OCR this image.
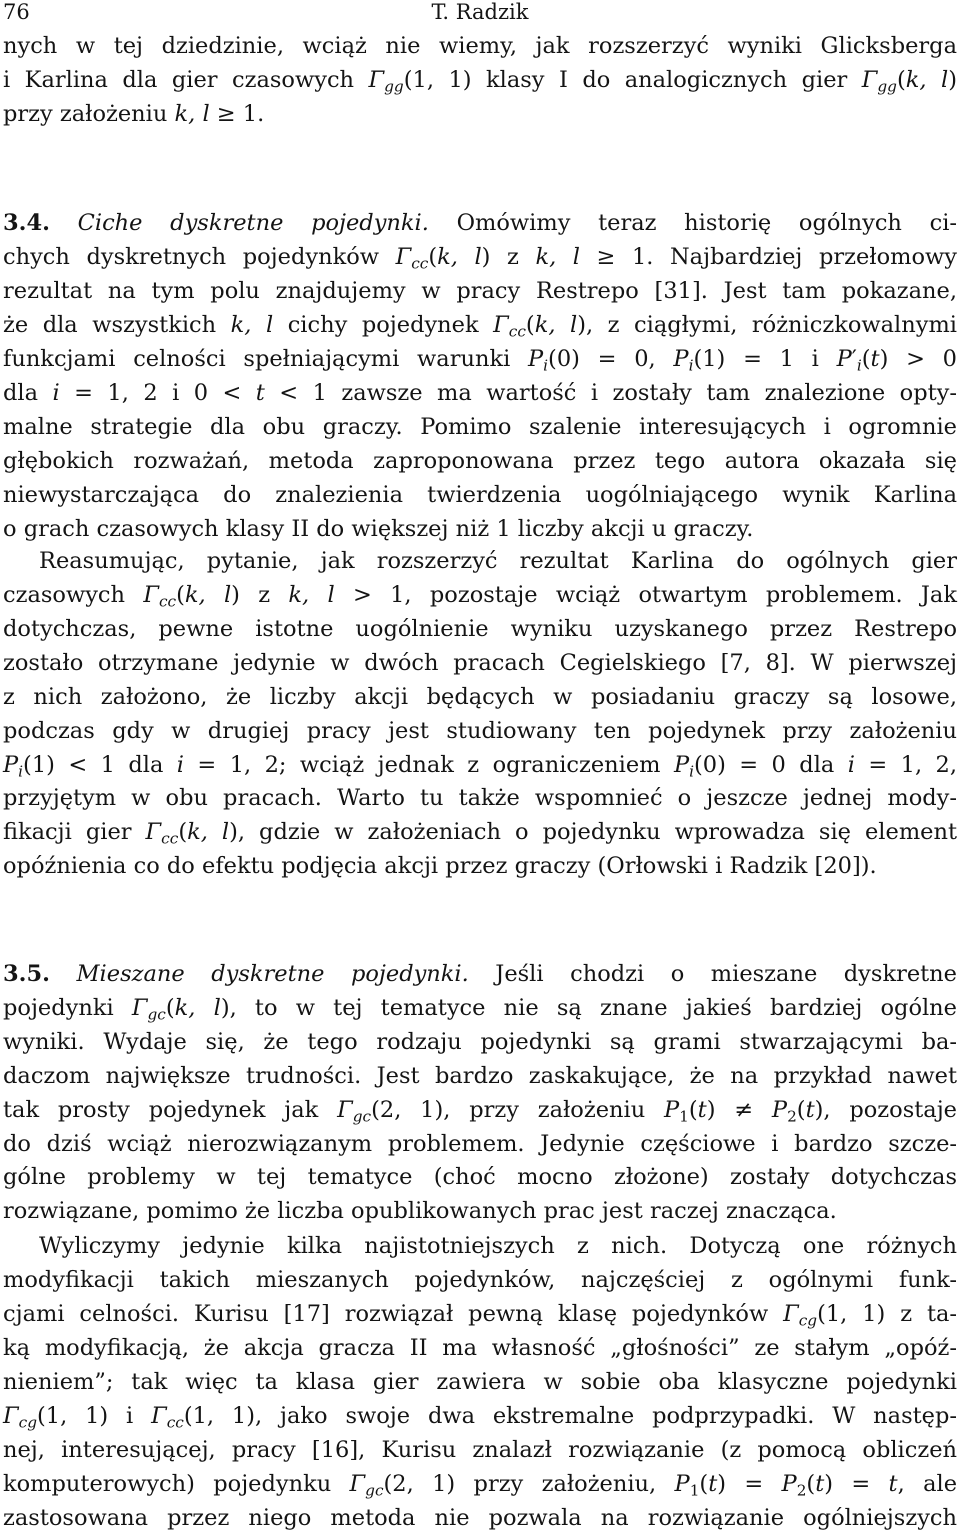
76	T. Radzik
nych w tej dziedzinie, wciąż nie wiemy, jak rozszerzyć wyniki Glicksberga
i Karlina dla gier czasowych $\Gamma_{gg}(1$, 1) klasy I do analogicznych gier $\Gamma_{gg}(k$, l)
przy założeniu k, l ≥ 1.
3.4. Ciche dyskretne pojedynki. Omówimy teraz historię ogólnych ci-
chych dyskretnych pojedynków $\Gamma_{cc}(k$, l) z k, l ≥ 1. Najbardziej przełomowy
rezultat na tym polu znajdujemy w pracy Restrepo [31]. Jest tam pokazane,
że dla wszystkich k, l cichy pojedynek $\Gamma_{cc}(k$, l), z ciągłymi, różniczkowalnymi
funkcjami celności spełniającymi warunki $P_i(0) = 0$, $P_i(1) = 1$ i $P'_i(t) > 0$
dla i = 1, 2 i 0 < t < 1 zawsze ma wartość i zostały tam znalezione opty-
malne strategie dla obu graczy. Pomimo szalenie interesujących i ogromnie
głębokich rozważań, metoda zaproponowana przez tego autora okazała się
niewystarczająca do znalezienia twierdzenia uogólniającego wynik Karlina
o grach czasowych klasy II do większej niż 1 liczby akcji u graczy.
Reasumując, pytanie, jak rozszerzyć rezultat Karlina do ogólnych gier
czasowych $\Gamma_{cc}(k$, l) z k, l > 1, pozostaje wciąż otwartym problemem. Jak
dotychczas, pewne istotne uogólnienie wyniku uzyskanego przez Restrepo
zostało otrzymane jedynie w dwóch pracach Cegielskiego [7, 8]. W pierwszej
z nich założono, że liczby akcji będących w posiadaniu graczy są losowe,
podczas gdy w drugiej pracy jest studiowany ten pojedynek przy założeniu
$P_i(1) < 1$ dla i = 1, 2; wciąż jednak z ograniczeniem $P_i(0) = 0$ dla i = 1, 2,
przyjętym w obu pracach. Warto tu także wspomnieć o jeszcze jednej mody-
fikacji gier $\Gamma_{cc}(k$, l), gdzie w założeniach o pojedynku wprowadza się element
opóźnienia co do efektu podjęcia akcji przez graczy (Orłowski i Radzik [20]).
3.5. Mieszane dyskretne pojedynki. Jeśli chodzi o mieszane dyskretne
pojedynki $\Gamma_{gc}(k$, l), to w tej tematyce nie są znane jakieś bardziej ogólne
wyniki. Wydaje się, że tego rodzaju pojedynki są grami stwarzającymi ba-
daczom największe trudności. Jest bardzo zaskakujące, że na przykład nawet
tak prosty pojedynek jak $\Gamma_{gc}(2$, 1), przy założeniu $P_1(t) \ne P_2(t)$, pozostaje
do dziś wciąż nierozwiązanym problemem. Jedynie częściowe i bardzo szcze-
gólne problemy w tej tematyce (choć mocno złożone) zostały dotychczas
rozwiązane, pomimo że liczba opublikowanych prac jest raczej znacząca.
Wyliczymy jedynie kilka najistotniejszych z nich. Dotyczą one różnych
modyfikacji takich mieszanych pojedynków, najczęściej z ogólnymi funk-
cjami celności. Kurisu [17] rozwiązał pewną klasę pojedynków $\Gamma_{cg}(1$, 1) z ta-
ką modyfikacją, że akcja gracza II ma własność „głośności” ze stałym „opóź-
nieniem”; tak więc ta klasa gier zawiera w sobie oba klasyczne pojedynki
$\Gamma_{cg}(1$, 1) i $\Gamma_{cc}(1$, 1), jako swoje dwa ekstremalne podprzypadki. W następ-
nej, interesującej, pracy [16], Kurisu znalazł rozwiązanie (z pomocą obliczeń
komputerowych) pojedynku $\Gamma_{gc}(2$, 1) przy założeniu, $P_1(t) = P_2(t) = t$, ale
zastosowana przez niego metoda nie pozwala na rozwiązanie ogólniejszych
